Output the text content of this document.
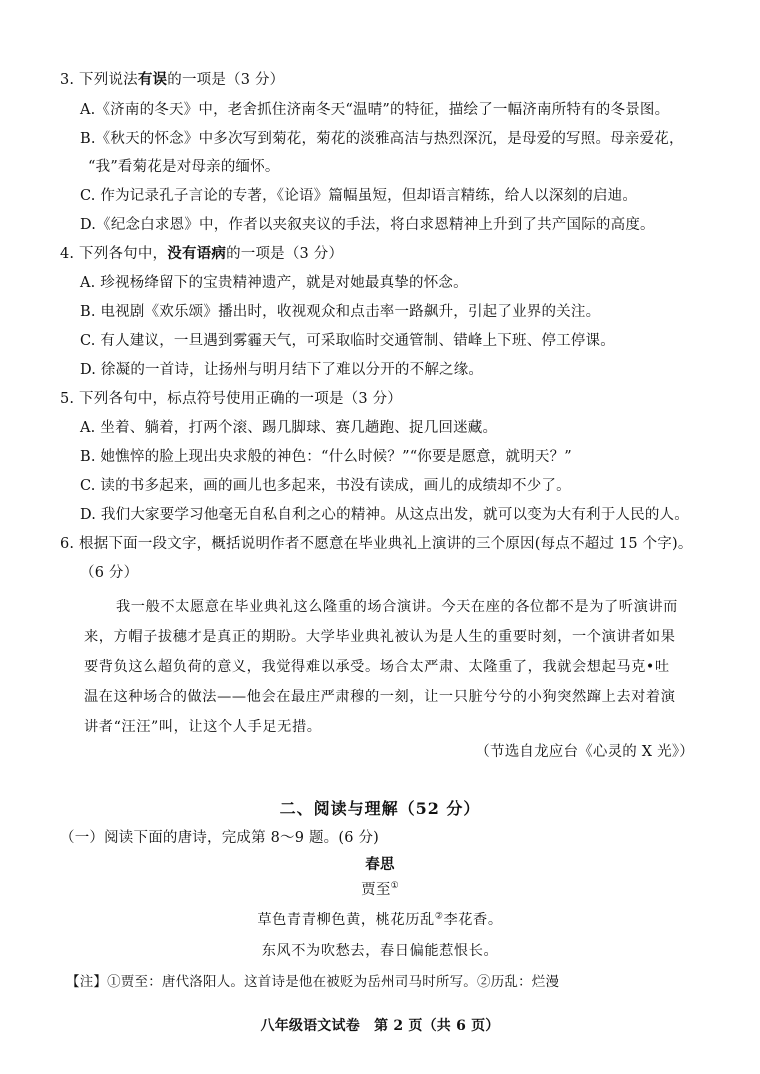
3. 下列说法有误的一项是（3 分）
A.《济南的冬天》中，老舍抓住济南冬天“温晴”的特征，描绘了一幅济南所特有的冬景图。
B.《秋天的怀念》中多次写到菊花，菊花的淡雅高洁与热烈深沉，是母爱的写照。母亲爱花，
“我”看菊花是对母亲的缅怀。
C. 作为记录孔子言论的专著，《论语》篇幅虽短，但却语言精练，给人以深刻的启迪。
D.《纪念白求恩》中，作者以夹叙夹议的手法，将白求恩精神上升到了共产国际的高度。
4. 下列各句中，没有语病的一项是（3 分）
A. 珍视杨绛留下的宝贵精神遗产，就是对她最真挚的怀念。
B. 电视剧《欢乐颂》播出时，收视观众和点击率一路飙升，引起了业界的关注。
C. 有人建议，一旦遇到雾霾天气，可采取临时交通管制、错峰上下班、停工停课。
D. 徐凝的一首诗，让扬州与明月结下了难以分开的不解之缘。
5. 下列各句中，标点符号使用正确的一项是（3 分）
A. 坐着、躺着，打两个滚、踢几脚球、赛几趟跑、捉几回迷藏。
B. 她憔悴的脸上现出央求般的神色：“什么时候？”“你要是愿意，就明天？”
C. 读的书多起来，画的画儿也多起来，书没有读成，画儿的成绩却不少了。
D. 我们大家要学习他毫无自私自利之心的精神。从这点出发，就可以变为大有利于人民的人。
6. 根据下面一段文字，概括说明作者不愿意在毕业典礼上演讲的三个原因(每点不超过 15 个字)。
（6 分）
我一般不太愿意在毕业典礼这么隆重的场合演讲。今天在座的各位都不是为了听演讲而
来，方帽子拔穗才是真正的期盼。大学毕业典礼被认为是人生的重要时刻，一个演讲者如果
要背负这么超负荷的意义，我觉得难以承受。场合太严肃、太隆重了，我就会想起马克•吐
温在这种场合的做法——他会在最庄严肃穆的一刻，让一只脏兮兮的小狗突然蹿上去对着演
讲者“汪汪”叫，让这个人手足无措。
（节选自龙应台《心灵的 X 光》）
二、阅读与理解（52 分）
（一）阅读下面的唐诗，完成第 8～9 题。(6 分)
春思
贾至①
草色青青柳色黄，桃花历乱②李花香。
东风不为吹愁去，春日偏能惹恨长。
【注】①贾至：唐代洛阳人。这首诗是他在被贬为岳州司马时所写。②历乱：烂漫
八年级语文试卷　第 2 页（共 6 页）
